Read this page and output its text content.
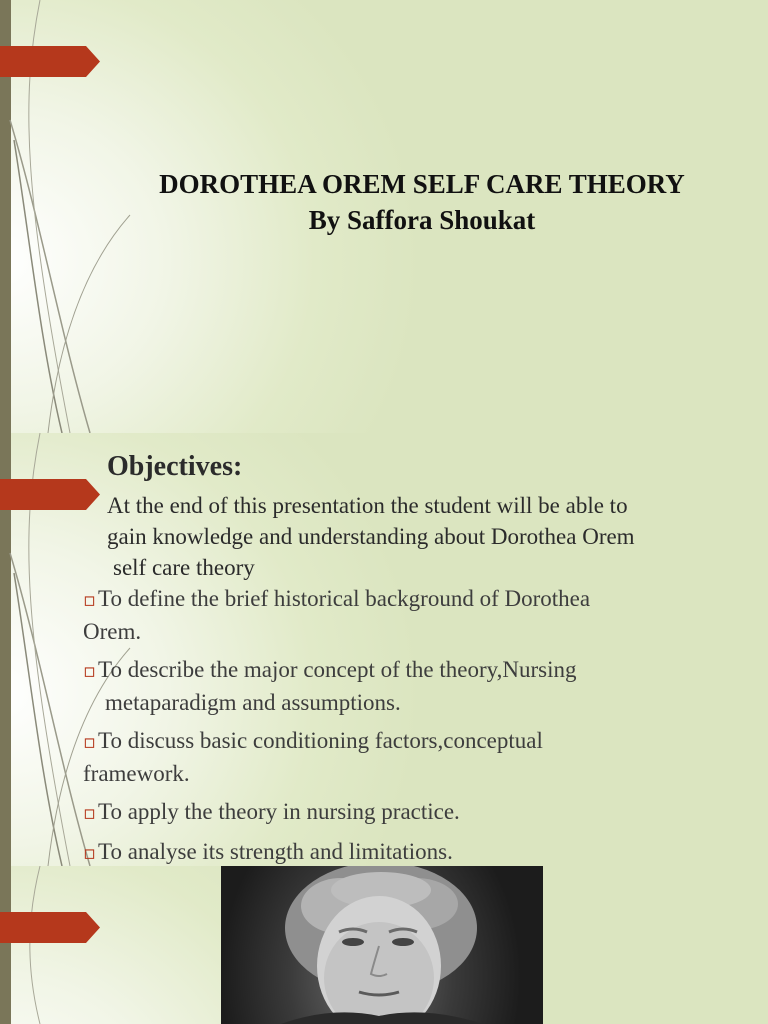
DOROTHEA OREM SELF CARE THEORY

By Saffora Shoukat

Objectives:

At the end of this presentation the student will be able to
gain knowledge and understanding about Dorothea Orem
self care theory

▫To define the brief historical background of Dorothea
Orem.
▫To describe the major concept of the theory,Nursing
metaparadigm and assumptions.
▫To discuss basic conditioning factors,conceptual
framework.
▫To apply the theory in nursing practice.
▫To analyse its strength and limitations.
